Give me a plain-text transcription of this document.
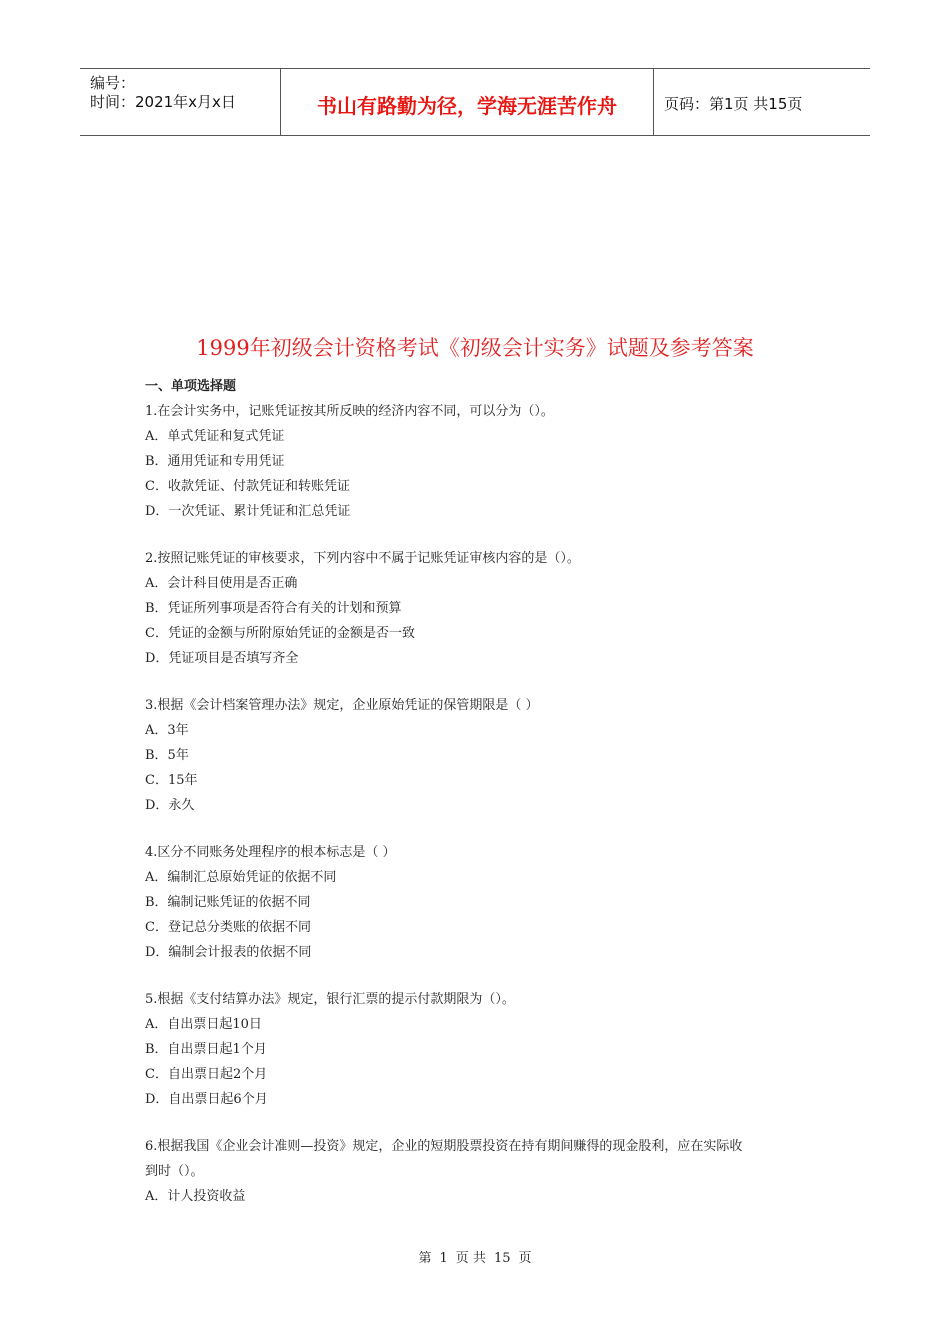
编号：
时间：2021年x月x日	书山有路勤为径，学海无涯苦作舟	页码：第1页 共15页
1999年初级会计资格考试《初级会计实务》试题及参考答案
一、单项选择题
1.在会计实务中，记账凭证按其所反映的经济内容不同，可以分为（）。
A．单式凭证和复式凭证
B．通用凭证和专用凭证
C．收款凭证、付款凭证和转账凭证
D．一次凭证、累计凭证和汇总凭证
2.按照记账凭证的审核要求，下列内容中不属于记账凭证审核内容的是（）。
A．会计科目使用是否正确
B．凭证所列事项是否符合有关的计划和预算
C．凭证的金额与所附原始凭证的金额是否一致
D．凭证项目是否填写齐全
3.根据《会计档案管理办法》规定，企业原始凭证的保管期限是（ ）
A．3年
B．5年
C．15年
D．永久
4.区分不同账务处理程序的根本标志是（ ）
A．编制汇总原始凭证的依据不同
B．编制记账凭证的依据不同
C．登记总分类账的依据不同
D．编制会计报表的依据不同
5.根据《支付结算办法》规定，银行汇票的提示付款期限为（）。
A．自出票日起10日
B．自出票日起1个月
C．自出票日起2个月
D．自出票日起6个月
6.根据我国《企业会计准则—投资》规定，企业的短期股票投资在持有期间赚得的现金股利，应在实际收
到时（）。
A．计人投资收益
第 1 页 共 15 页
